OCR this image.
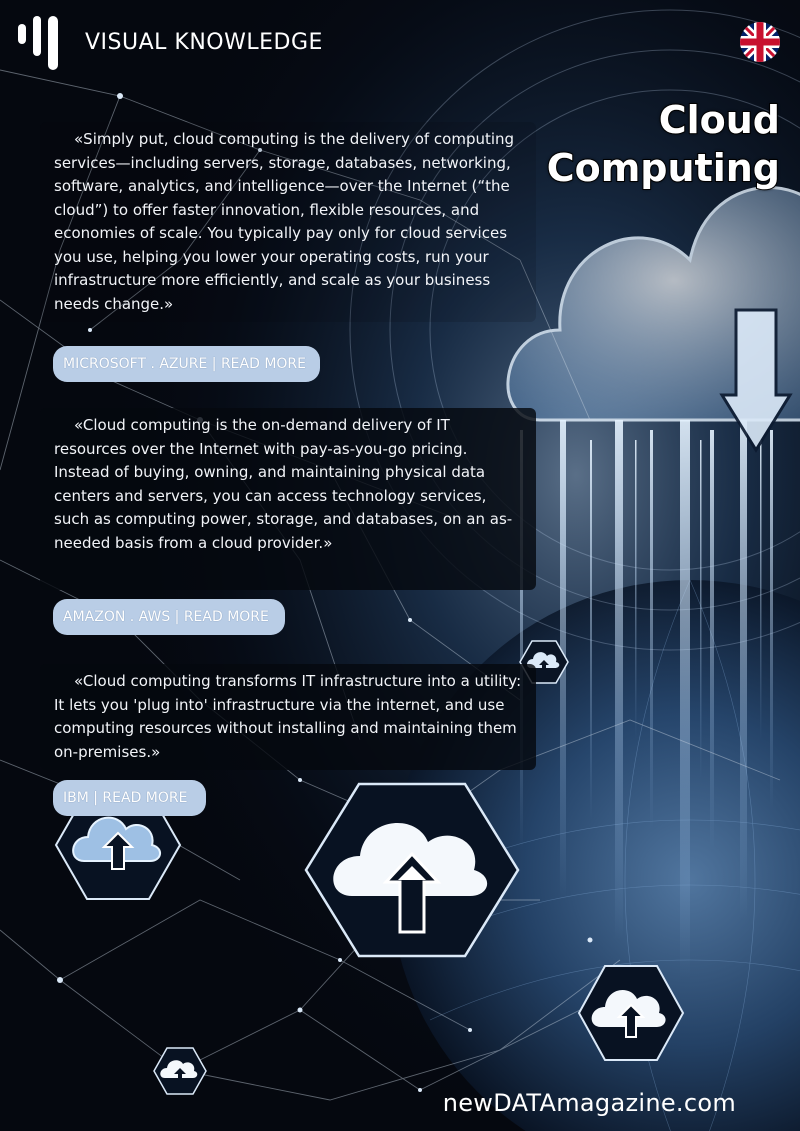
VISUAL KNOWLEDGE
Cloud
Computing

«Simply put, cloud computing is the delivery of computing services—including servers, storage, databases, networking, software, analytics, and intelligence—over the Internet (“the cloud”) to offer faster innovation, flexible resources, and economies of scale. You typically pay only for cloud services you use, helping you lower your operating costs, run your infrastructure more efficiently, and scale as your business needs change.»

MICROSOFT . AZURE | READ MORE

«Cloud computing is the on-demand delivery of IT resources over the Internet with pay-as-you-go pricing. Instead of buying, owning, and maintaining physical data centers and servers, you can access technology services, such as computing power, storage, and databases, on an as-needed basis from a cloud provider.»

AMAZON . AWS | READ MORE

«Cloud computing transforms IT infrastructure into a utility: It lets you 'plug into' infrastructure via the internet, and use computing resources without installing and maintaining them on-premises.»

IBM | READ MORE
newDATAmagazine.com
